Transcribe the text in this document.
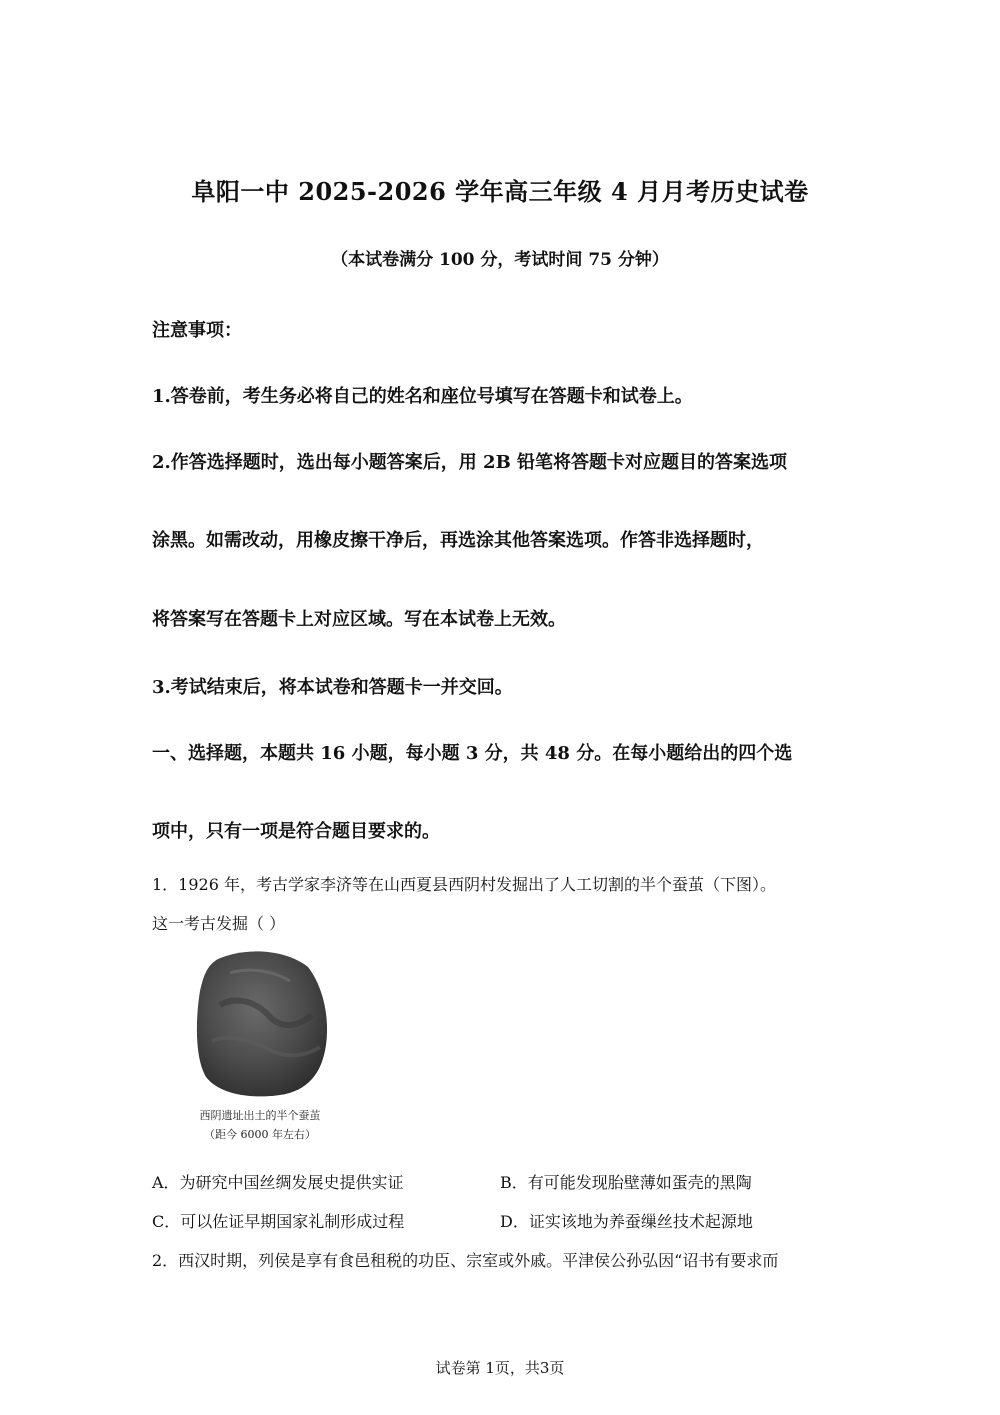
阜阳一中 2025-2026 学年高三年级 4 月月考历史试卷
（本试卷满分 100 分，考试时间 75 分钟）
注意事项：
1.答卷前，考生务必将自己的姓名和座位号填写在答题卡和试卷上。
2.作答选择题时，选出每小题答案后，用 2B 铅笔将答题卡对应题目的答案选项
涂黑。如需改动，用橡皮擦干净后，再选涂其他答案选项。作答非选择题时，
将答案写在答题卡上对应区域。写在本试卷上无效。
3.考试结束后，将本试卷和答题卡一并交回。
一、选择题，本题共 16 小题，每小题 3 分，共 48 分。在每小题给出的四个选
项中，只有一项是符合题目要求的。
1．1926 年，考古学家李济等在山西夏县西阴村发掘出了人工切割的半个蚕茧（下图）。
这一考古发掘（ ）
西阴遗址出土的半个蚕茧
（距今 6000 年左右）
A．为研究中国丝绸发展史提供实证	B．有可能发现胎壁薄如蛋壳的黑陶
C．可以佐证早期国家礼制形成过程	D．证实该地为养蚕缫丝技术起源地
2．西汉时期，列侯是享有食邑租税的功臣、宗室或外戚。平津侯公孙弘因“诏书有要求而
试卷第 1页，共3页
